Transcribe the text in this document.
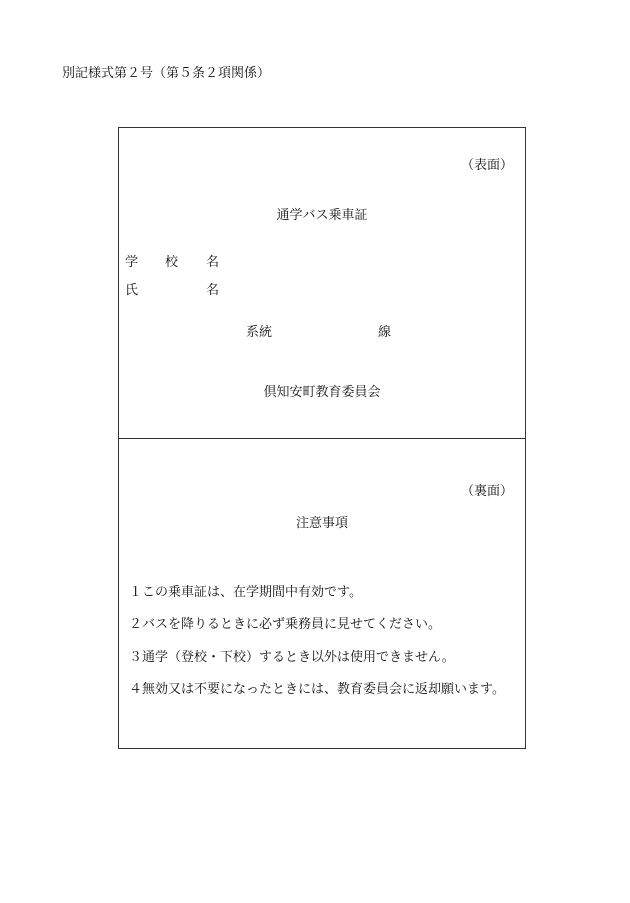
別記様式第２号（第５条２項関係）
（表面）
通学バス乗車証
学 校 名
氏	名
系統	線
倶知安町教育委員会
（裏面）
注意事項
１この乗車証は、在学期間中有効です。
２バスを降りるときに必ず乗務員に見せてください。
３通学（登校・下校）するとき以外は使用できません。
４無効又は不要になったときには、教育委員会に返却願います。
